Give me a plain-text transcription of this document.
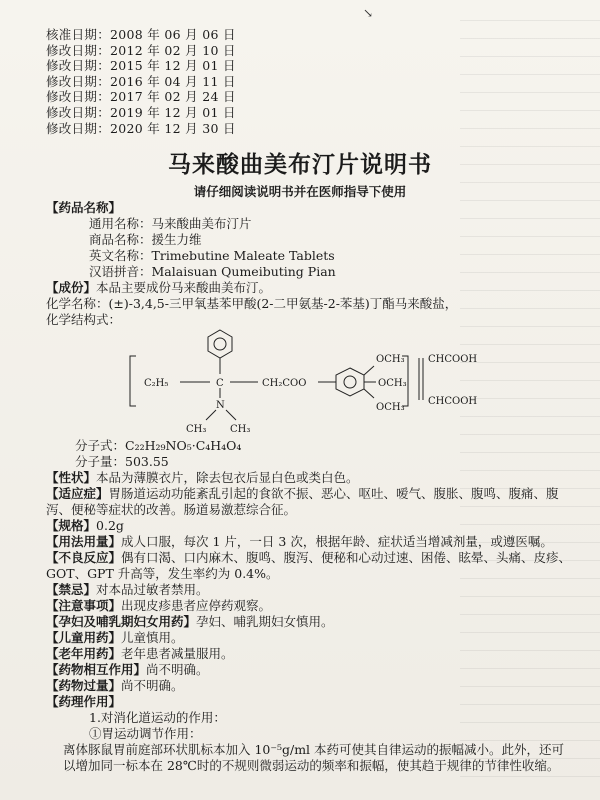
↘
核准日期：2008 年 06 月 06 日
修改日期：2012 年 02 月 10 日
修改日期：2015 年 12 月 01 日
修改日期：2016 年 04 月 11 日
修改日期：2017 年 02 月 24 日
修改日期：2019 年 12 月 01 日
修改日期：2020 年 12 月 30 日
马来酸曲美布汀片说明书
请仔细阅读说明书并在医师指导下使用
【药品名称】
通用名称：马来酸曲美布汀片
商品名称：援生力维
英文名称：Trimebutine Maleate Tablets
汉语拼音：Malaisuan Qumeibuting Pian
【成份】本品主要成份马来酸曲美布汀。
化学名称：(±)-3,4,5-三甲氧基苯甲酸(2-二甲氨基-2-苯基)丁酯马来酸盐，
化学结构式：
C₂H₅	C	CH₂COO
N
CH₃ CH₃
OCH₃
OCH₃
OCH₃
CHCOOH
CHCOOH
分子式：C₂₂H₂₉NO₅·C₄H₄O₄
分子量：503.55
【性状】本品为薄膜衣片，除去包衣后显白色或类白色。
【适应症】胃肠道运动功能紊乱引起的食欲不振、恶心、呕吐、嗳气、腹胀、腹鸣、腹痛、腹泻、便秘等症状的改善。肠道易激惹综合征。
【规格】0.2g
【用法用量】成人口服，每次 1 片，一日 3 次，根据年龄、症状适当增减剂量，或遵医嘱。
【不良反应】偶有口渴、口内麻木、腹鸣、腹泻、便秘和心动过速、困倦、眩晕、头痛、皮疹、GOT、GPT 升高等，发生率约为 0.4%。
【禁忌】对本品过敏者禁用。
【注意事项】出现皮疹患者应停药观察。
【孕妇及哺乳期妇女用药】孕妇、哺乳期妇女慎用。
【儿童用药】儿童慎用。
【老年用药】老年患者减量服用。
【药物相互作用】尚不明确。
【药物过量】尚不明确。
【药理作用】
1.对消化道运动的作用：
①胃运动调节作用：
离体豚鼠胃前庭部环状肌标本加入 10⁻⁵g/ml 本药可使其自律运动的振幅减小。此外，还可以增加同一标本在 28℃时的不规则微弱运动的频率和振幅，使其趋于规律的节律性收缩。
